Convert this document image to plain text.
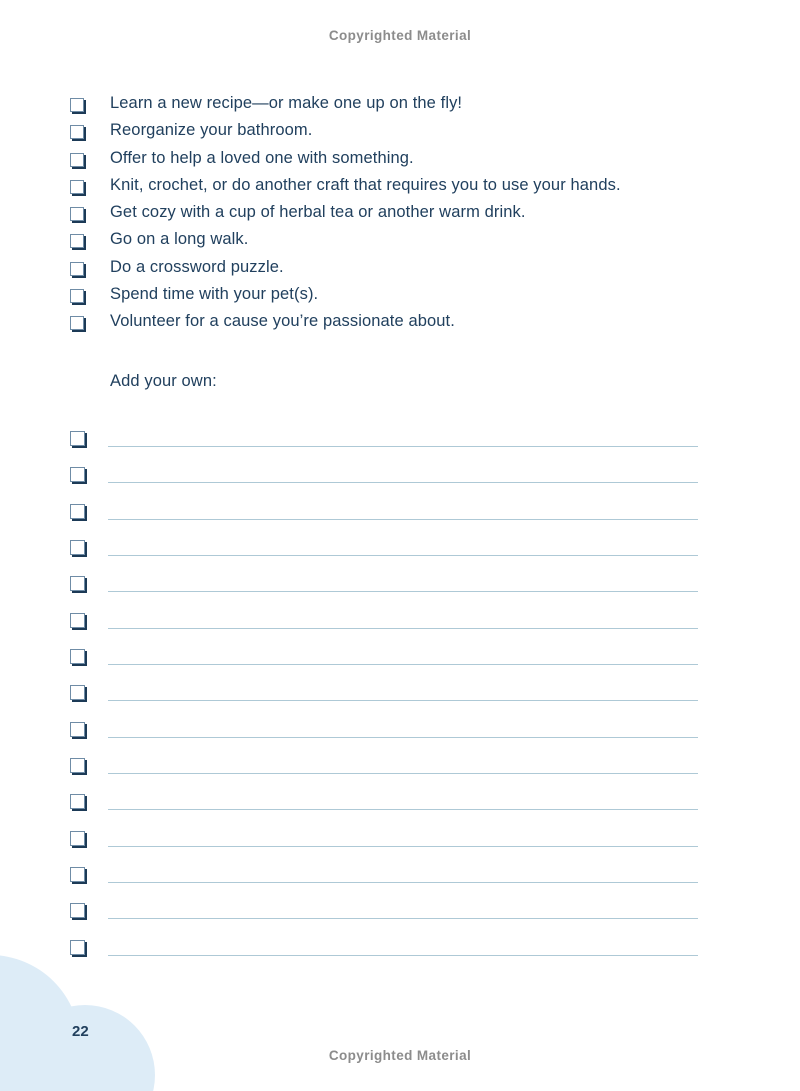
Copyrighted Material
Learn a new recipe—or make one up on the fly!
Reorganize your bathroom.
Offer to help a loved one with something.
Knit, crochet, or do another craft that requires you to use your hands.
Get cozy with a cup of herbal tea or another warm drink.
Go on a long walk.
Do a crossword puzzle.
Spend time with your pet(s).
Volunteer for a cause you’re passionate about.
Add your own:
22
Copyrighted Material
